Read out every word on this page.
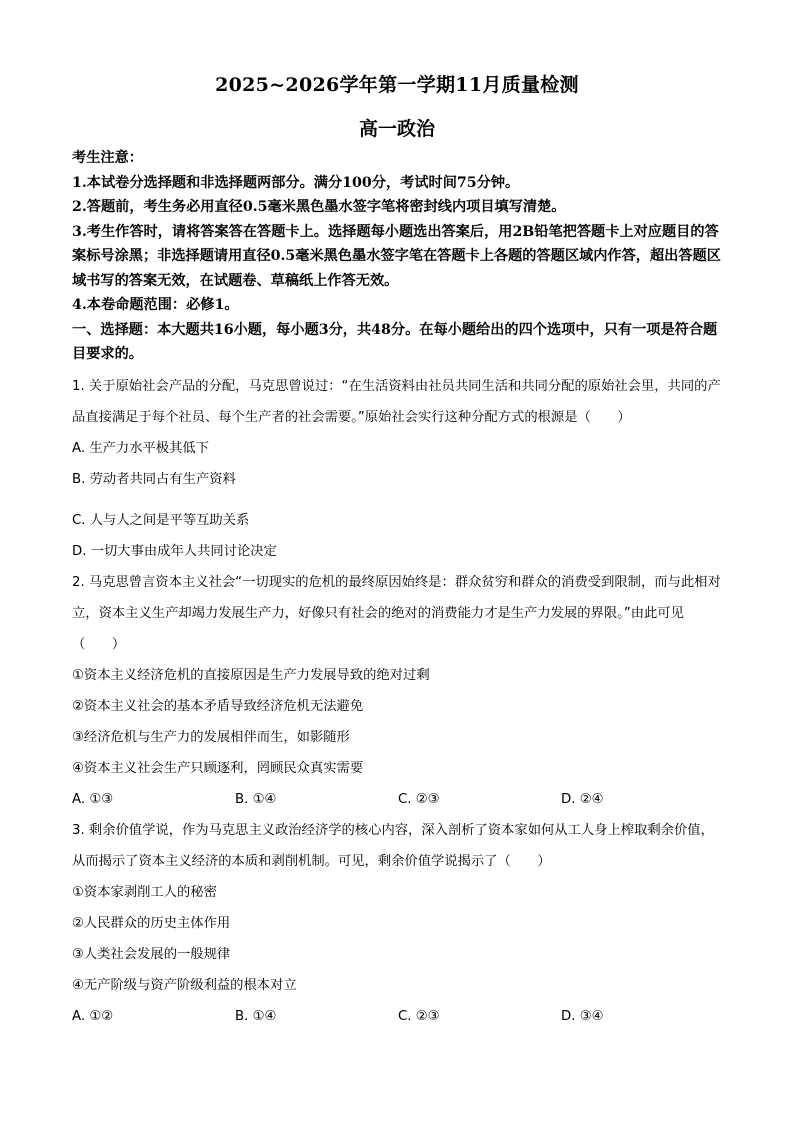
2025~2026学年第一学期11月质量检测
高一政治

考生注意：

1.本试卷分选择题和非选择题两部分。满分100分，考试时间75分钟。

2.答题前，考生务必用直径0.5毫米黑色墨水签字笔将密封线内项目填写清楚。

3.考生作答时，请将答案答在答题卡上。选择题每小题选出答案后，用2B铅笔把答题卡上对应题目的答案标号涂黑；非选择题请用直径0.5毫米黑色墨水签字笔在答题卡上各题的答题区域内作答，超出答题区域书写的答案无效，在试题卷、草稿纸上作答无效。

4.本卷命题范围：必修1。

一、选择题：本大题共16小题，每小题3分，共48分。在每小题给出的四个选项中，只有一项是符合题目要求的。

1. 关于原始社会产品的分配，马克思曾说过：“在生活资料由社员共同生活和共同分配的原始社会里，共同的产品直接满足于每个社员、每个生产者的社会需要。”原始社会实行这种分配方式的根源是（　　）

A. 生产力水平极其低下

B. 劳动者共同占有生产资料

C. 人与人之间是平等互助关系

D. 一切大事由成年人共同讨论决定

2. 马克思曾言资本主义社会“一切现实的危机的最终原因始终是：群众贫穷和群众的消费受到限制，而与此相对立，资本主义生产却竭力发展生产力，好像只有社会的绝对的消费能力才是生产力发展的界限。”由此可见（　　）

①资本主义经济危机的直接原因是生产力发展导致的绝对过剩

②资本主义社会的基本矛盾导致经济危机无法避免

③经济危机与生产力的发展相伴而生，如影随形

④资本主义社会生产只顾逐利，罔顾民众真实需要

A. ①③	B. ①④	C. ②③	D. ②④

3. 剩余价值学说，作为马克思主义政治经济学的核心内容，深入剖析了资本家如何从工人身上榨取剩余价值，从而揭示了资本主义经济的本质和剥削机制。可见，剩余价值学说揭示了（　　）

①资本家剥削工人的秘密

②人民群众的历史主体作用

③人类社会发展的一般规律

④无产阶级与资产阶级利益的根本对立

A. ①②	B. ①④	C. ②③	D. ③④
